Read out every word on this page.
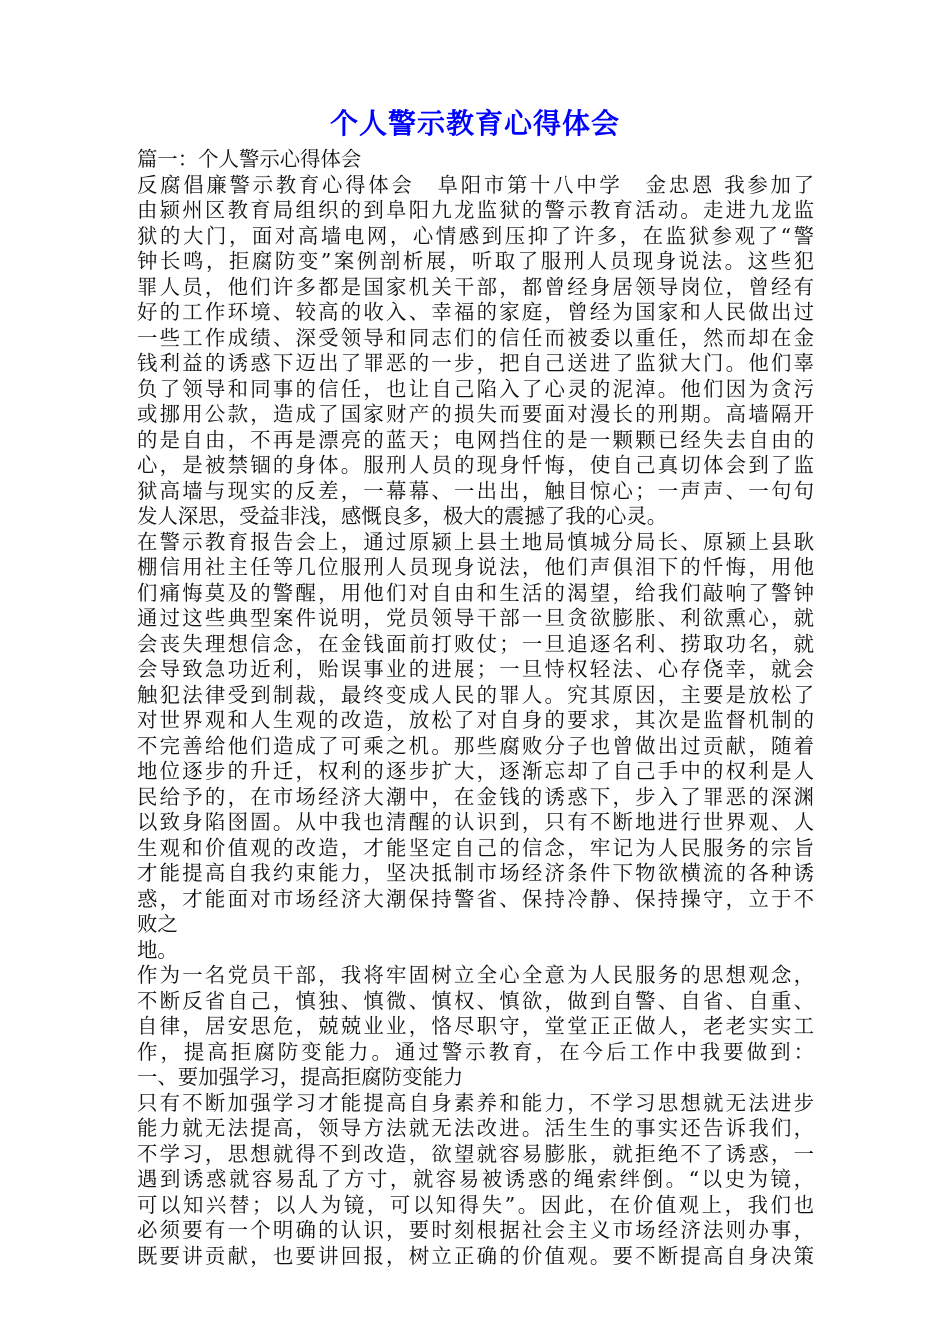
个人警示教育心得体会

篇一：个人警示心得体会

反腐倡廉警示教育心得体会　阜阳市第十八中学　金忠恩 我参加了

由颍州区教育局组织的到阜阳九龙监狱的警示教育活动。走进九龙监

狱的大门，面对高墙电网，心情感到压抑了许多，在监狱参观了“警

钟长鸣，拒腐防变”案例剖析展，听取了服刑人员现身说法。这些犯

罪人员，他们许多都是国家机关干部，都曾经身居领导岗位，曾经有

好的工作环境、较高的收入、幸福的家庭，曾经为国家和人民做出过

一些工作成绩、深受领导和同志们的信任而被委以重任，然而却在金

钱利益的诱惑下迈出了罪恶的一步，把自己送进了监狱大门。他们辜

负了领导和同事的信任，也让自己陷入了心灵的泥淖。他们因为贪污

或挪用公款，造成了国家财产的损失而要面对漫长的刑期。高墙隔开

的是自由，不再是漂亮的蓝天；电网挡住的是一颗颗已经失去自由的

心，是被禁锢的身体。服刑人员的现身忏悔，使自己真切体会到了监

狱高墙与现实的反差，一幕幕、一出出，触目惊心；一声声、一句句

发人深思，受益非浅，感慨良多，极大的震撼了我的心灵。

在警示教育报告会上，通过原颍上县土地局慎城分局长、原颍上县耿

棚信用社主任等几位服刑人员现身说法，他们声俱泪下的忏悔，用他

们痛悔莫及的警醒，用他们对自由和生活的渴望，给我们敲响了警钟

通过这些典型案件说明，党员领导干部一旦贪欲膨胀、利欲熏心，就

会丧失理想信念，在金钱面前打败仗；一旦追逐名利、捞取功名，就

会导致急功近利，贻误事业的进展；一旦恃权轻法、心存侥幸，就会

触犯法律受到制裁，最终变成人民的罪人。究其原因，主要是放松了

对世界观和人生观的改造，放松了对自身的要求，其次是监督机制的

不完善给他们造成了可乘之机。那些腐败分子也曾做出过贡献，随着

地位逐步的升迁，权利的逐步扩大，逐渐忘却了自己手中的权利是人

民给予的，在市场经济大潮中，在金钱的诱惑下，步入了罪恶的深渊

以致身陷囹圄。从中我也清醒的认识到，只有不断地进行世界观、人

生观和价值观的改造，才能坚定自己的信念，牢记为人民服务的宗旨

才能提高自我约束能力，坚决抵制市场经济条件下物欲横流的各种诱

惑，才能面对市场经济大潮保持警省、保持冷静、保持操守，立于不

败之

地。

作为一名党员干部，我将牢固树立全心全意为人民服务的思想观念，

不断反省自己，慎独、慎微、慎权、慎欲，做到自警、自省、自重、

自律，居安思危，兢兢业业，恪尽职守，堂堂正正做人，老老实实工

作，提高拒腐防变能力。通过警示教育，在今后工作中我要做到：

一、要加强学习，提高拒腐防变能力

只有不断加强学习才能提高自身素养和能力，不学习思想就无法进步

能力就无法提高，领导方法就无法改进。活生生的事实还告诉我们，

不学习，思想就得不到改造，欲望就容易膨胀，就拒绝不了诱惑，一

遇到诱惑就容易乱了方寸，就容易被诱惑的绳索绊倒。“以史为镜，

可以知兴替；以人为镜，可以知得失”。因此，在价值观上，我们也

必须要有一个明确的认识，要时刻根据社会主义市场经济法则办事，

既要讲贡献，也要讲回报，树立正确的价值观。要不断提高自身决策
